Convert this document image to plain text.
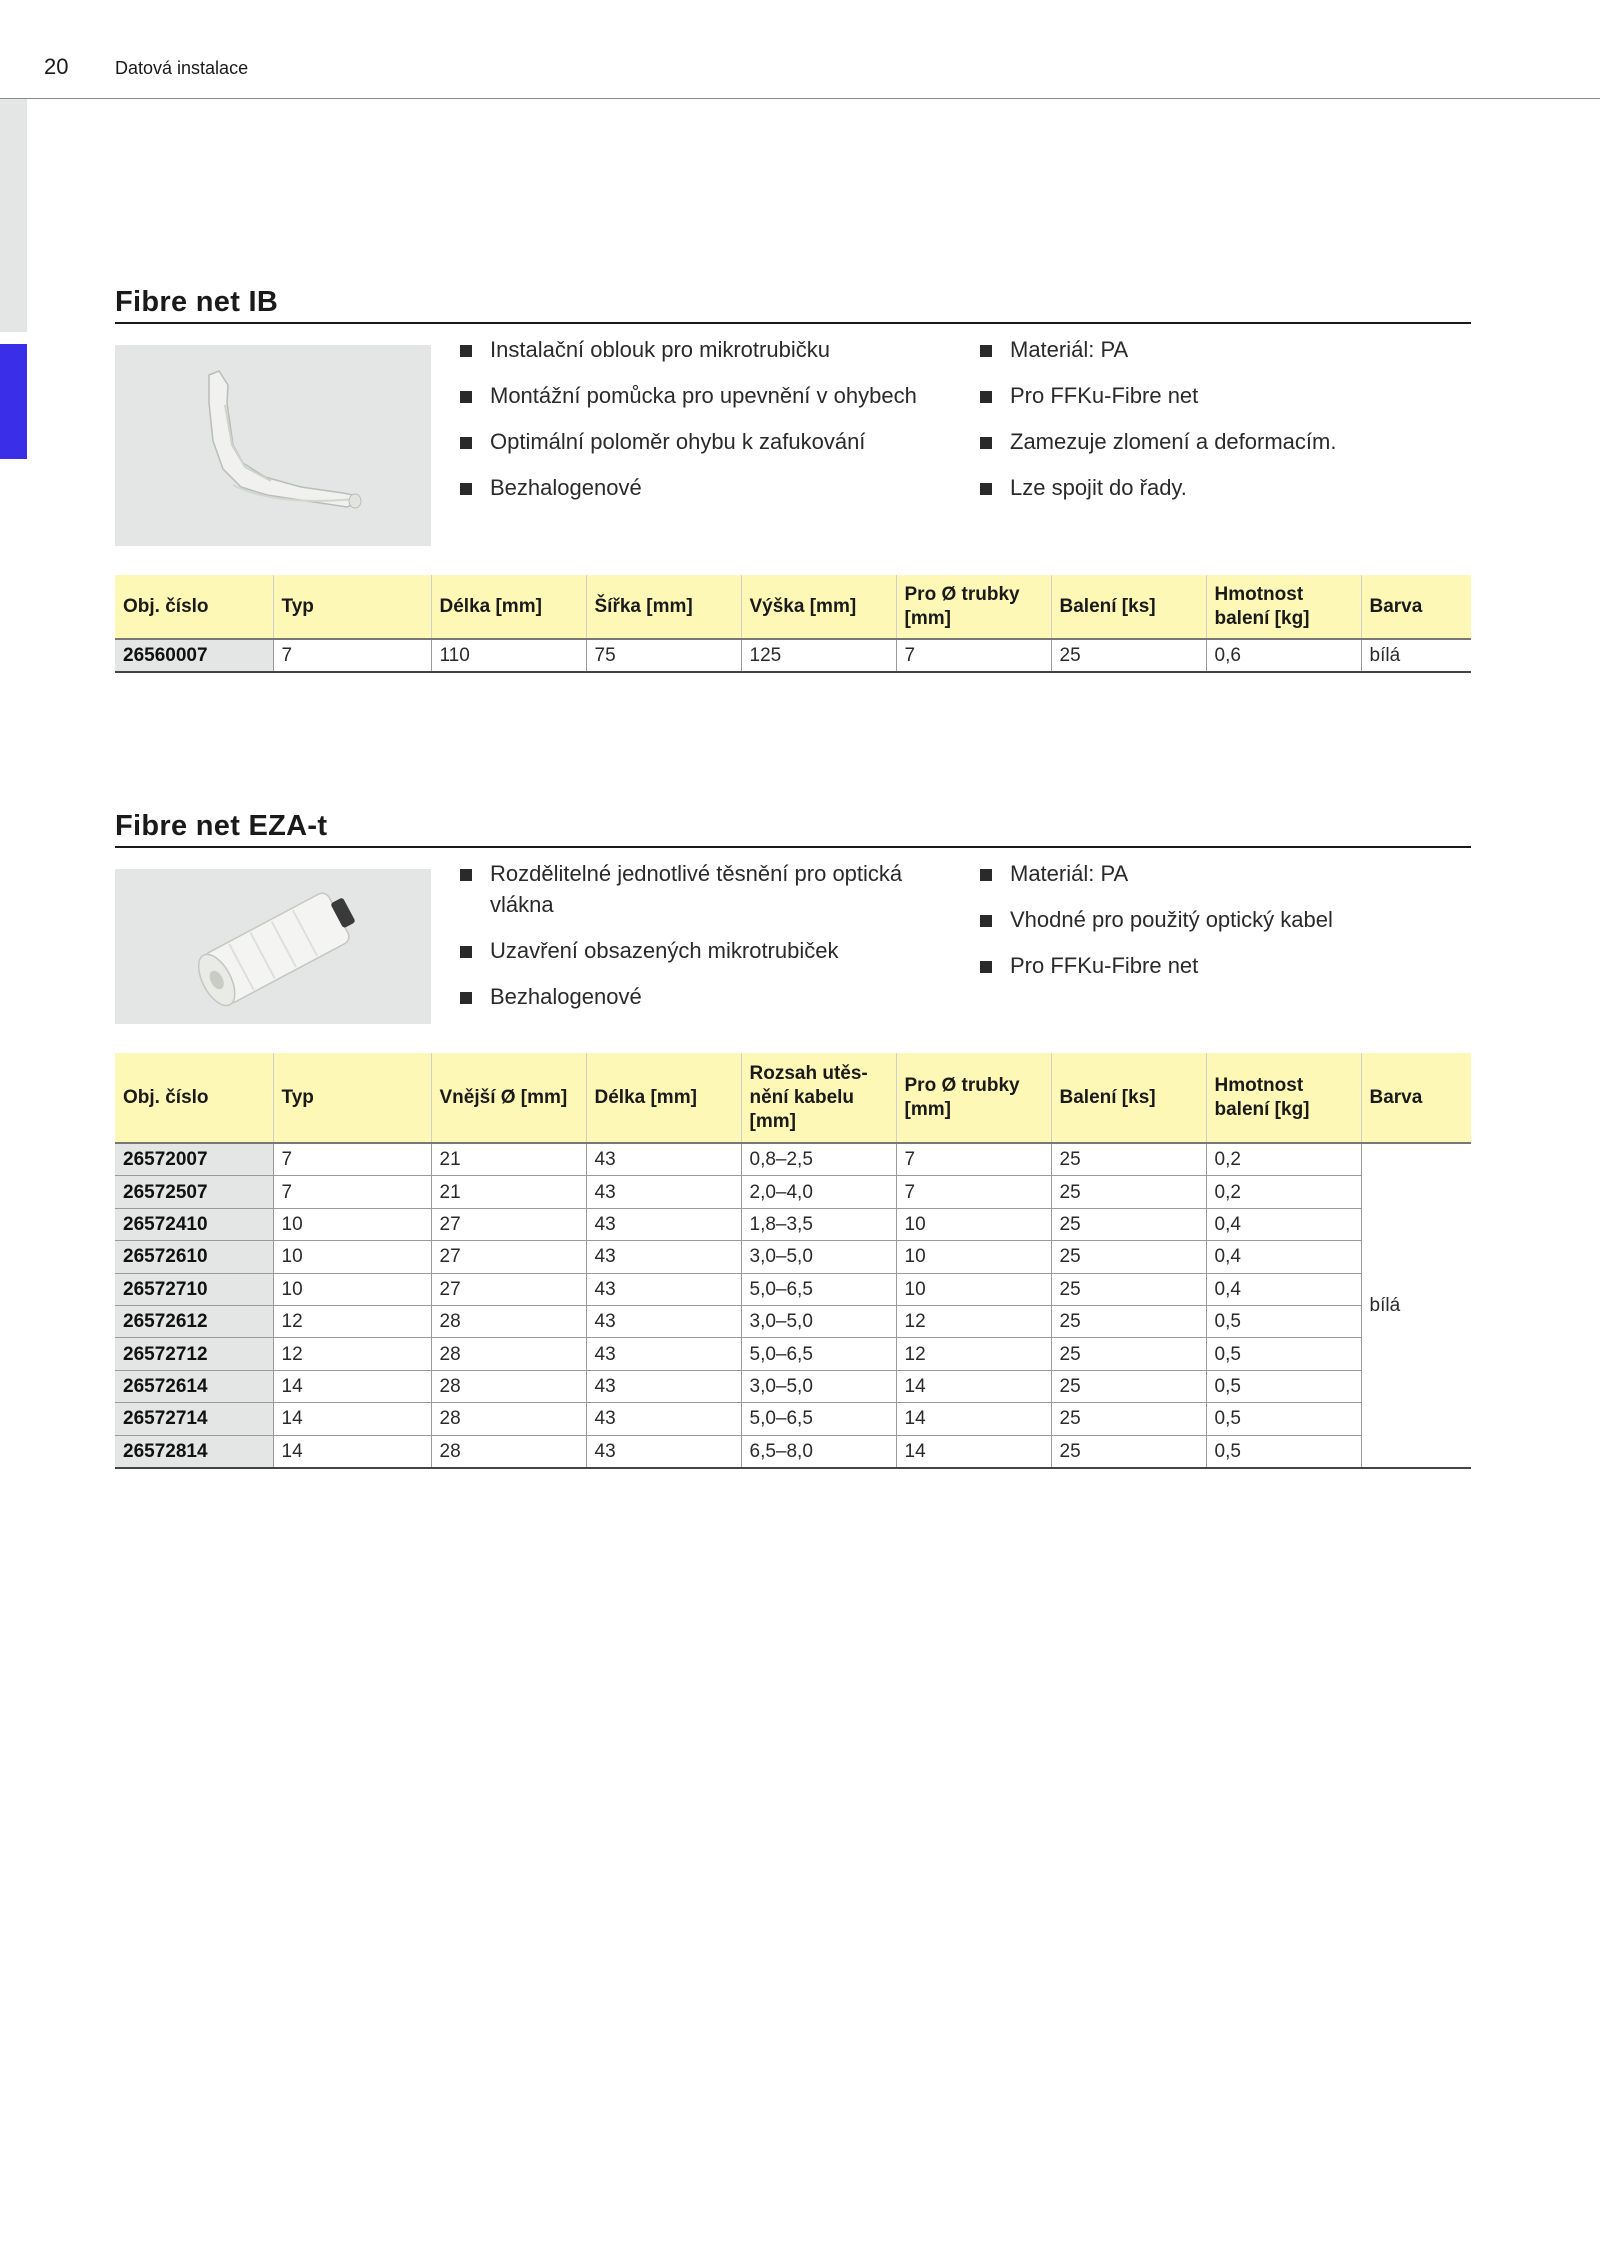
20	Datová instalace
Fibre net IB
Instalační oblouk pro mikrotrubičku
Montážní pomůcka pro upevnění v ohybech
Optimální poloměr ohybu k zafukování
Bezhalogenové
Materiál: PA
Pro FFKu-Fibre net
Zamezuje zlomení a deformacím.
Lze spojit do řady.
Obj. číslo	Typ	Délka [mm]	Šířka [mm]	Výška [mm]	Pro Ø trubky [mm]	Balení [ks]	Hmotnost balení [kg]	Barva
26560007	7	110	75	125	7	25	0,6	bílá
Fibre net EZA-t
Rozdělitelné jednotlivé těsnění pro optická vlákna
Uzavření obsazených mikrotrubiček
Bezhalogenové
Materiál: PA
Vhodné pro použitý optický kabel
Pro FFKu-Fibre net
Obj. číslo	Typ	Vnější Ø [mm]	Délka [mm]	Rozsah utěs-nění kabelu [mm]	Pro Ø trubky [mm]	Balení [ks]	Hmotnost balení [kg]	Barva
26572007	7	21	43	0,8–2,5	7	25	0,2	bílá
26572507	7	21	43	2,0–4,0	7	25	0,2	
26572410	10	27	43	1,8–3,5	10	25	0,4	
26572610	10	27	43	3,0–5,0	10	25	0,4	
26572710	10	27	43	5,0–6,5	10	25	0,4	
26572612	12	28	43	3,0–5,0	12	25	0,5	
26572712	12	28	43	5,0–6,5	12	25	0,5	
26572614	14	28	43	3,0–5,0	14	25	0,5	
26572714	14	28	43	5,0–6,5	14	25	0,5	
26572814	14	28	43	6,5–8,0	14	25	0,5	
